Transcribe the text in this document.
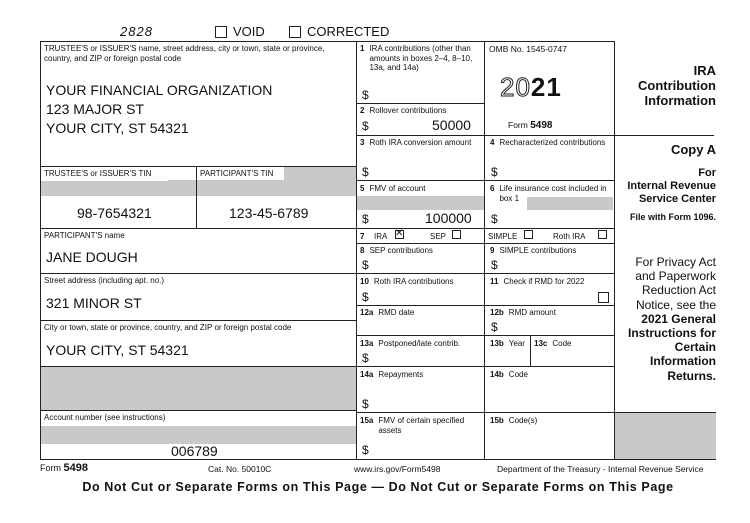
2828	VOID	CORRECTED
TRUSTEE'S or ISSUER'S name, street address, city or town, state or province, country, and ZIP or foreign postal code
YOUR FINANCIAL ORGANIZATION
123 MAJOR ST
YOUR CITY, ST 54321
TRUSTEE'S or ISSUER'S TIN	PARTICIPANT'S TIN
98-7654321	123-45-6789
PARTICIPANT'S name
JANE DOUGH
Street address (including apt. no.)
321 MINOR ST
City or town, state or province, country, and ZIP or foreign postal code
YOUR CITY, ST 54321
Account number (see instructions)
006789
1 IRA contributions (other than amounts in boxes 2–4, 8–10, 13a, and 14a)
$
2 Rollover contributions
$	50000
OMB No. 1545-0747
2021
Form 5498
3 Roth IRA conversion amount
$
4 Recharacterized contributions
$
5 FMV of account
$	100000
6 Life insurance cost included in box 1
$
7 IRA
✕	SEP	SIMPLE	Roth IRA
8 SEP contributions
$
9 SIMPLE contributions
$
10 Roth IRA contributions
$
11 Check if RMD for 2022
12a RMD date	12b RMD amount
$
13a Postponed/late contrib.
$
13b Year 13c Code
14a Repayments
$
14b Code
15a FMV of certain specified assets
$
15b Code(s)
IRA
Contribution
Information
Copy A
For
Internal Revenue
Service Center
File with Form 1096.
For Privacy Act
and Paperwork
Reduction Act
Notice, see the
2021 General
Instructions for
Certain
Information
Returns.
Form 5498	Cat. No. 50010C	www.irs.gov/Form5498	Department of the Treasury - Internal Revenue Service
Do Not Cut or Separate Forms on This Page — Do Not Cut or Separate Forms on This Page
